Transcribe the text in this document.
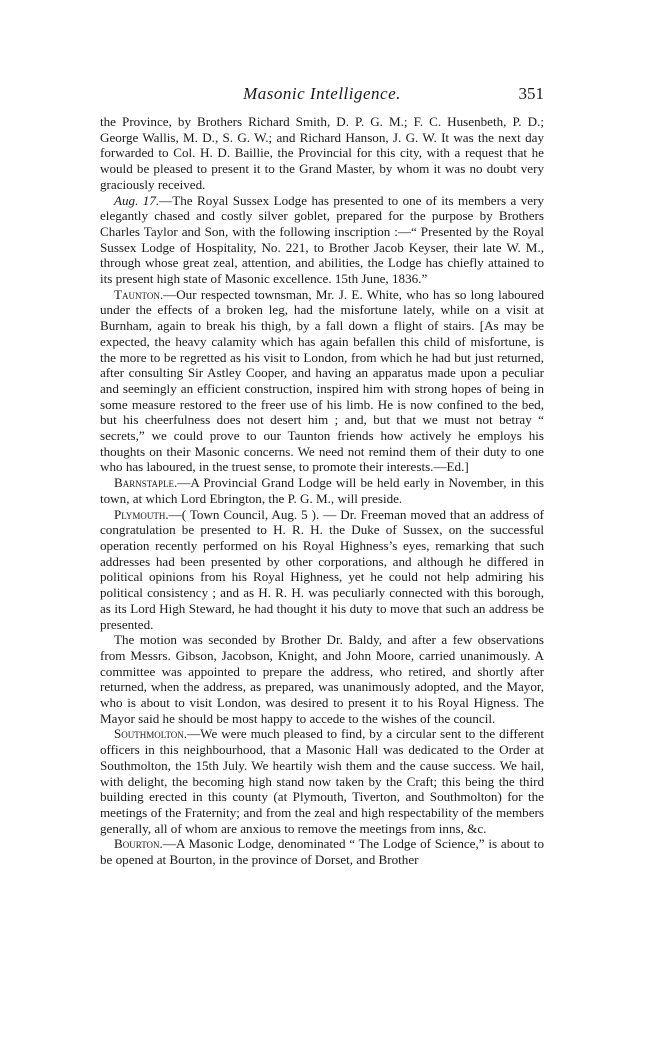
Masonic Intelligence.	351

the Province, by Brothers Richard Smith, D. P. G. M.; F. C. Husenbeth, P. D.; George Wallis, M. D., S. G. W.; and Richard Hanson, J. G. W. It was the next day forwarded to Col. H. D. Baillie, the Provincial for this city, with a request that he would be pleased to present it to the Grand Master, by whom it was no doubt very graciously received.

Aug. 17.—The Royal Sussex Lodge has presented to one of its members a very elegantly chased and costly silver goblet, prepared for the purpose by Brothers Charles Taylor and Son, with the following inscription :—“ Presented by the Royal Sussex Lodge of Hospitality, No. 221, to Brother Jacob Keyser, their late W. M., through whose great zeal, attention, and abilities, the Lodge has chiefly attained to its present high state of Masonic excellence. 15th June, 1836.”

Taunton.—Our respected townsman, Mr. J. E. White, who has so long laboured under the effects of a broken leg, had the misfortune lately, while on a visit at Burnham, again to break his thigh, by a fall down a flight of stairs. [As may be expected, the heavy calamity which has again befallen this child of misfortune, is the more to be regretted as his visit to London, from which he had but just returned, after consulting Sir Astley Cooper, and having an apparatus made upon a peculiar and seemingly an efficient construction, inspired him with strong hopes of being in some measure restored to the freer use of his limb. He is now confined to the bed, but his cheerfulness does not desert him ; and, but that we must not betray “ secrets,” we could prove to our Taunton friends how actively he employs his thoughts on their Masonic concerns. We need not remind them of their duty to one who has laboured, in the truest sense, to promote their interests.—Ed.]

Barnstaple.—A Provincial Grand Lodge will be held early in November, in this town, at which Lord Ebrington, the P. G. M., will preside.

Plymouth.—( Town Council, Aug. 5 ). — Dr. Freeman moved that an address of congratulation be presented to H. R. H. the Duke of Sussex, on the successful operation recently performed on his Royal Highness’s eyes, remarking that such addresses had been presented by other corporations, and although he differed in political opinions from his Royal Highness, yet he could not help admiring his political consistency ; and as H. R. H. was peculiarly connected with this borough, as its Lord High Steward, he had thought it his duty to move that such an address be presented.

The motion was seconded by Brother Dr. Baldy, and after a few observations from Messrs. Gibson, Jacobson, Knight, and John Moore, carried unanimously. A committee was appointed to prepare the address, who retired, and shortly after returned, when the address, as prepared, was unanimously adopted, and the Mayor, who is about to visit London, was desired to present it to his Royal Higness. The Mayor said he should be most happy to accede to the wishes of the council.

Southmolton.—We were much pleased to find, by a circular sent to the different officers in this neighbourhood, that a Masonic Hall was dedicated to the Order at Southmolton, the 15th July. We heartily wish them and the cause success. We hail, with delight, the becoming high stand now taken by the Craft; this being the third building erected in this county (at Plymouth, Tiverton, and Southmolton) for the meetings of the Fraternity; and from the zeal and high respectability of the members generally, all of whom are anxious to remove the meetings from inns, &c.

Bourton.—A Masonic Lodge, denominated “ The Lodge of Science,” is about to be opened at Bourton, in the province of Dorset, and Brother
